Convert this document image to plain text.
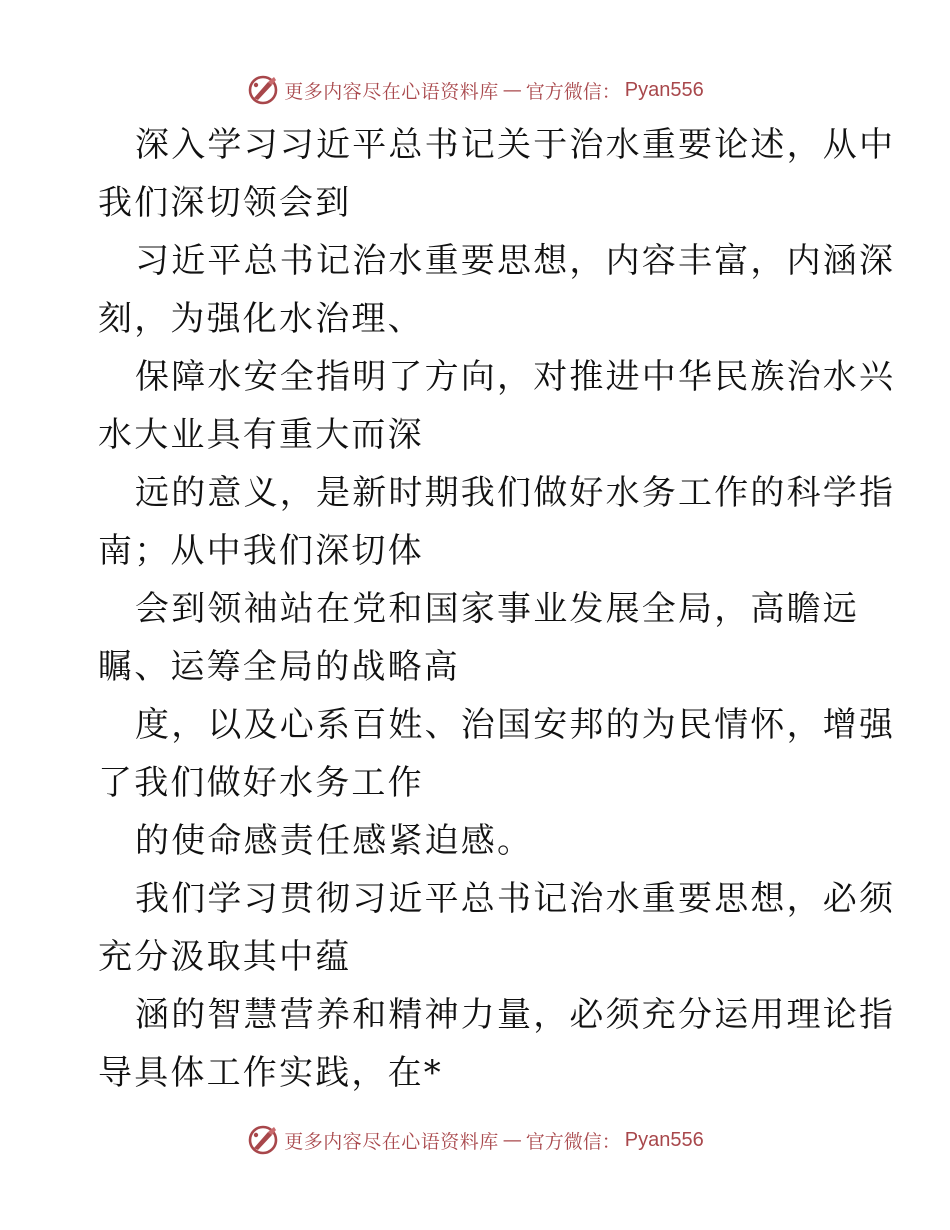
更多内容尽在心语资料库 — 官方微信： Pyan556
深入学习习近平总书记关于治水重要论述，从中
我们深切领会到
习近平总书记治水重要思想，内容丰富，内涵深
刻，为强化水治理、
保障水安全指明了方向，对推进中华民族治水兴
水大业具有重大而深
远的意义，是新时期我们做好水务工作的科学指
南；从中我们深切体
会到领袖站在党和国家事业发展全局，高瞻远
瞩、运筹全局的战略高
度，以及心系百姓、治国安邦的为民情怀，增强
了我们做好水务工作
的使命感责任感紧迫感。
我们学习贯彻习近平总书记治水重要思想，必须
充分汲取其中蕴
涵的智慧营养和精神力量，必须充分运用理论指
导具体工作实践，在*
更多内容尽在心语资料库 — 官方微信： Pyan556
